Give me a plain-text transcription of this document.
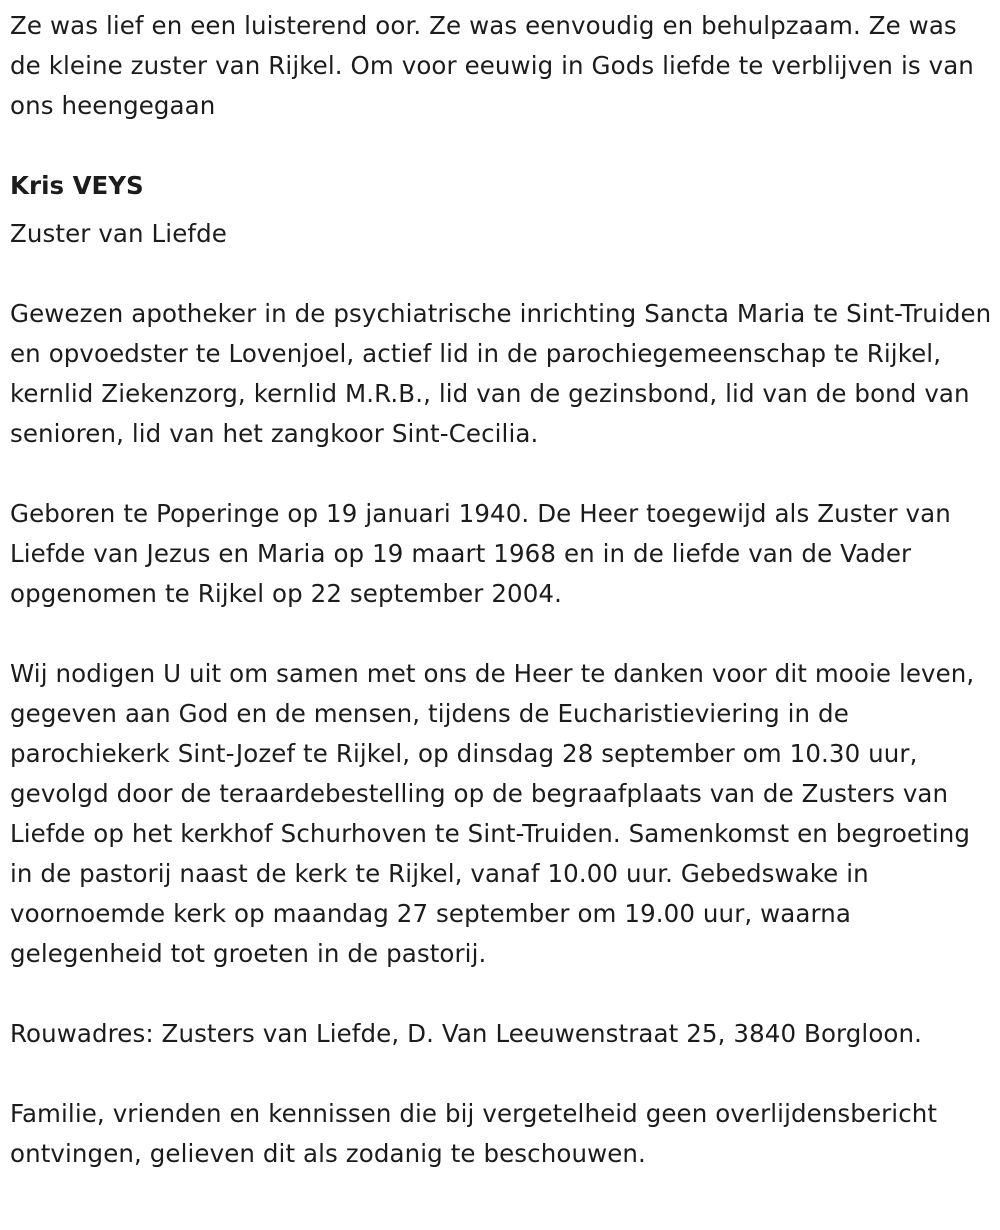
Ze was lief en een luisterend oor. Ze was eenvoudig en behulpzaam. Ze was de kleine zuster van Rijkel. Om voor eeuwig in Gods liefde te verblijven is van ons heengegaan

Kris VEYS

Zuster van Liefde

Gewezen apotheker in de psychiatrische inrichting Sancta Maria te Sint-Truiden en opvoedster te Lovenjoel, actief lid in de parochiegemeenschap te Rijkel, kernlid Ziekenzorg, kernlid M.R.B., lid van de gezinsbond, lid van de bond van senioren, lid van het zangkoor Sint-Cecilia.

Geboren te Poperinge op 19 januari 1940. De Heer toegewijd als Zuster van Liefde van Jezus en Maria op 19 maart 1968 en in de liefde van de Vader opgenomen te Rijkel op 22 september 2004.

Wij nodigen U uit om samen met ons de Heer te danken voor dit mooie leven, gegeven aan God en de mensen, tijdens de Eucharistieviering in de parochiekerk Sint-Jozef te Rijkel, op dinsdag 28 september om 10.30 uur, gevolgd door de teraardebestelling op de begraafplaats van de Zusters van Liefde op het kerkhof Schurhoven te Sint-Truiden. Samenkomst en begroeting in de pastorij naast de kerk te Rijkel, vanaf 10.00 uur. Gebedswake in voornoemde kerk op maandag 27 september om 19.00 uur, waarna gelegenheid tot groeten in de pastorij.

Rouwadres: Zusters van Liefde, D. Van Leeuwenstraat 25, 3840 Borgloon.

Familie, vrienden en kennissen die bij vergetelheid geen overlijdensbericht ontvingen, gelieven dit als zodanig te beschouwen.
